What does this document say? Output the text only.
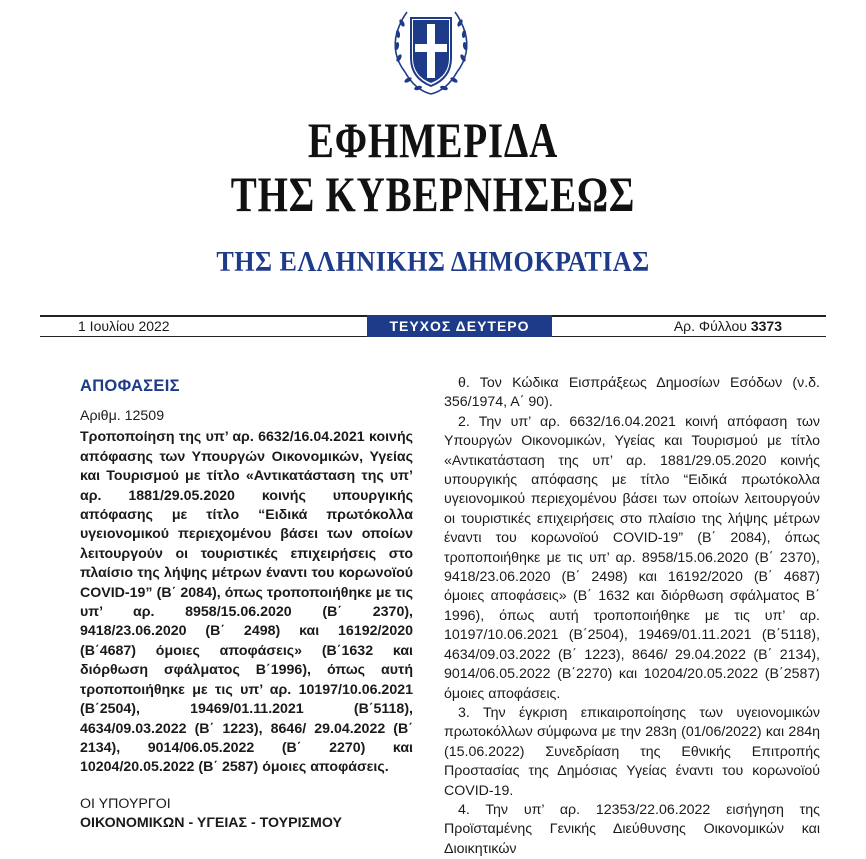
ΕΦΗΜΕΡΙΔΑ
ΤΗΣ ΚΥΒΕΡΝΗΣΕΩΣ
ΤΗΣ ΕΛΛΗΝΙΚΗΣ ΔΗΜΟΚΡΑΤΙΑΣ
1 Ιουλίου 2022	ΤΕΥΧΟΣ ΔΕΥΤΕΡΟ	Αρ. Φύλλου 3373
ΑΠΟΦΑΣΕΙΣ
Αριθμ. 12509
Τροποποίηση της υπ’ αρ. 6632/16.04.2021 κοινής απόφασης των Υπουργών Οικονομικών, Υγείας και Τουρισμού με τίτλο «Αντικατάσταση της υπ’ αρ. 1881/29.05.2020 κοινής υπουργικής απόφασης με τίτλο “Ειδικά πρωτόκολλα υγειονομικού περιεχομένου βάσει των οποίων λειτουργούν οι τουριστικές επιχειρήσεις στο πλαίσιο της λήψης μέτρων έναντι του κορωνοϊού COVID-19” (Β΄ 2084), όπως τροποποιήθηκε με τις υπ’ αρ. 8958/15.06.2020 (Β΄ 2370), 9418/23.06.2020 (Β΄ 2498) και 16192/2020 (Β΄4687) όμοιες αποφάσεις» (Β΄1632 και διόρθωση σφάλματος Β΄1996), όπως αυτή τροποποιήθηκε με τις υπ’ αρ. 10197/10.06.2021 (Β΄2504), 19469/01.11.2021 (Β΄5118), 4634/09.03.2022 (Β΄ 1223), 8646/ 29.04.2022 (Β΄ 2134), 9014/06.05.2022 (Β΄ 2270) και 10204/20.05.2022 (Β΄ 2587) όμοιες αποφάσεις.
ΟΙ ΥΠΟΥΡΓΟΙ
ΟΙΚΟΝΟΜΙΚΩΝ - ΥΓΕΙΑΣ - ΤΟΥΡΙΣΜΟΥ

θ. Τον Κώδικα Εισπράξεως Δημοσίων Εσόδων (ν.δ. 356/1974, Α΄ 90).

2. Την υπ’ αρ. 6632/16.04.2021 κοινή απόφαση των Υπουργών Οικονομικών, Υγείας και Τουρισμού με τίτλο «Αντικατάσταση της υπ’ αρ. 1881/29.05.2020 κοινής υπουργικής απόφασης με τίτλο “Ειδικά πρωτόκολλα υγειονομικού περιεχομένου βάσει των οποίων λειτουργούν οι τουριστικές επιχειρήσεις στο πλαίσιο της λήψης μέτρων έναντι του κορωνοϊού COVID-19” (Β΄ 2084), όπως τροποποιήθηκε με τις υπ’ αρ. 8958/15.06.2020 (Β΄ 2370), 9418/23.06.2020 (Β΄ 2498) και 16192/2020 (Β΄ 4687) όμοιες αποφάσεις» (Β΄ 1632 και διόρθωση σφάλματος Β΄ 1996), όπως αυτή τροποποιήθηκε με τις υπ’ αρ. 10197/10.06.2021 (Β΄2504), 19469/01.11.2021 (Β΄5118), 4634/09.03.2022 (Β΄ 1223), 8646/ 29.04.2022 (Β΄ 2134), 9014/06.05.2022 (Β΄2270) και 10204/20.05.2022 (Β΄2587) όμοιες αποφάσεις.

3. Την έγκριση επικαιροποίησης των υγειονομικών πρωτοκόλλων σύμφωνα με την 283η (01/06/2022) και 284η (15.06.2022) Συνεδρίαση της Εθνικής Επιτροπής Προστασίας της Δημόσιας Υγείας έναντι του κορωνοϊού COVID-19.

4. Την υπ’ αρ. 12353/22.06.2022 εισήγηση της Προϊσταμένης Γενικής Διεύθυνσης Οικονομικών και Διοικητικών
